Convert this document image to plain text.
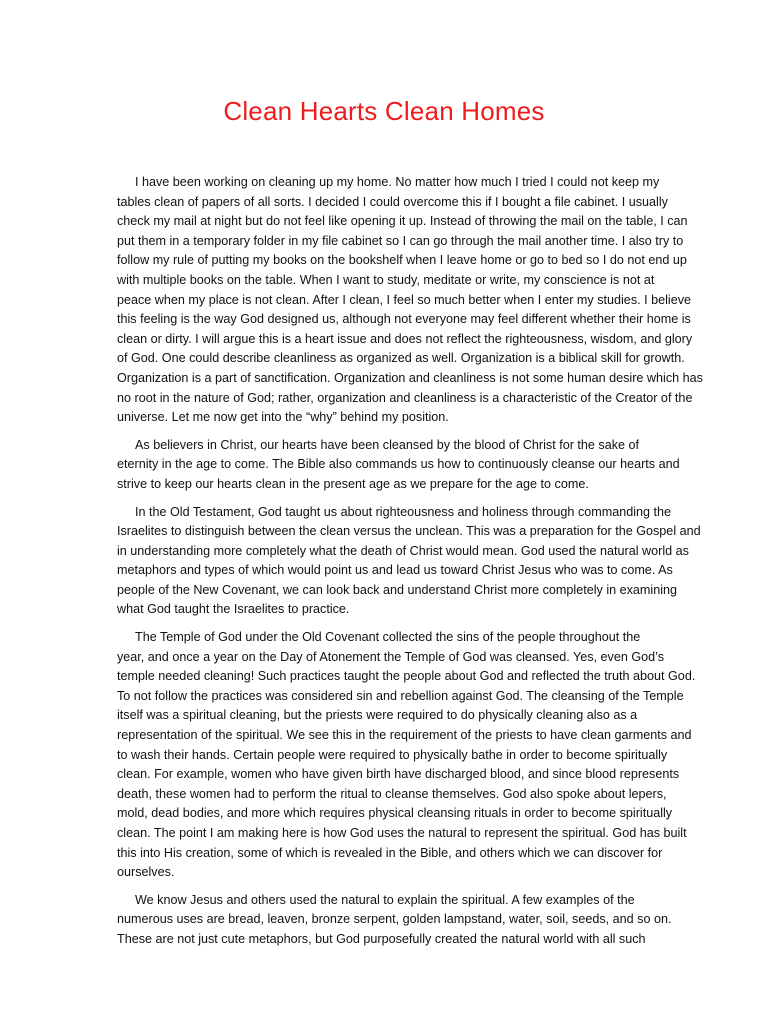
Clean Hearts Clean Homes

I have been working on cleaning up my home. No matter how much I tried I could not keep my
tables clean of papers of all sorts. I decided I could overcome this if I bought a file cabinet. I usually
check my mail at night but do not feel like opening it up. Instead of throwing the mail on the table, I can
put them in a temporary folder in my file cabinet so I can go through the mail another time. I also try to
follow my rule of putting my books on the bookshelf when I leave home or go to bed so I do not end up
with multiple books on the table. When I want to study, meditate or write, my conscience is not at
peace when my place is not clean. After I clean, I feel so much better when I enter my studies. I believe
this feeling is the way God designed us, although not everyone may feel different whether their home is
clean or dirty. I will argue this is a heart issue and does not reflect the righteousness, wisdom, and glory
of God. One could describe cleanliness as organized as well. Organization is a biblical skill for growth.
Organization is a part of sanctification. Organization and cleanliness is not some human desire which has
no root in the nature of God; rather, organization and cleanliness is a characteristic of the Creator of the
universe. Let me now get into the “why” behind my position.

As believers in Christ, our hearts have been cleansed by the blood of Christ for the sake of
eternity in the age to come. The Bible also commands us how to continuously cleanse our hearts and
strive to keep our hearts clean in the present age as we prepare for the age to come.

In the Old Testament, God taught us about righteousness and holiness through commanding the
Israelites to distinguish between the clean versus the unclean. This was a preparation for the Gospel and
in understanding more completely what the death of Christ would mean. God used the natural world as
metaphors and types of which would point us and lead us toward Christ Jesus who was to come. As
people of the New Covenant, we can look back and understand Christ more completely in examining
what God taught the Israelites to practice.

The Temple of God under the Old Covenant collected the sins of the people throughout the
year, and once a year on the Day of Atonement the Temple of God was cleansed. Yes, even God’s
temple needed cleaning! Such practices taught the people about God and reflected the truth about God.
To not follow the practices was considered sin and rebellion against God. The cleansing of the Temple
itself was a spiritual cleaning, but the priests were required to do physically cleaning also as a
representation of the spiritual. We see this in the requirement of the priests to have clean garments and
to wash their hands. Certain people were required to physically bathe in order to become spiritually
clean. For example, women who have given birth have discharged blood, and since blood represents
death, these women had to perform the ritual to cleanse themselves. God also spoke about lepers,
mold, dead bodies, and more which requires physical cleansing rituals in order to become spiritually
clean. The point I am making here is how God uses the natural to represent the spiritual. God has built
this into His creation, some of which is revealed in the Bible, and others which we can discover for
ourselves.

We know Jesus and others used the natural to explain the spiritual. A few examples of the
numerous uses are bread, leaven, bronze serpent, golden lampstand, water, soil, seeds, and so on.
These are not just cute metaphors, but God purposefully created the natural world with all such
